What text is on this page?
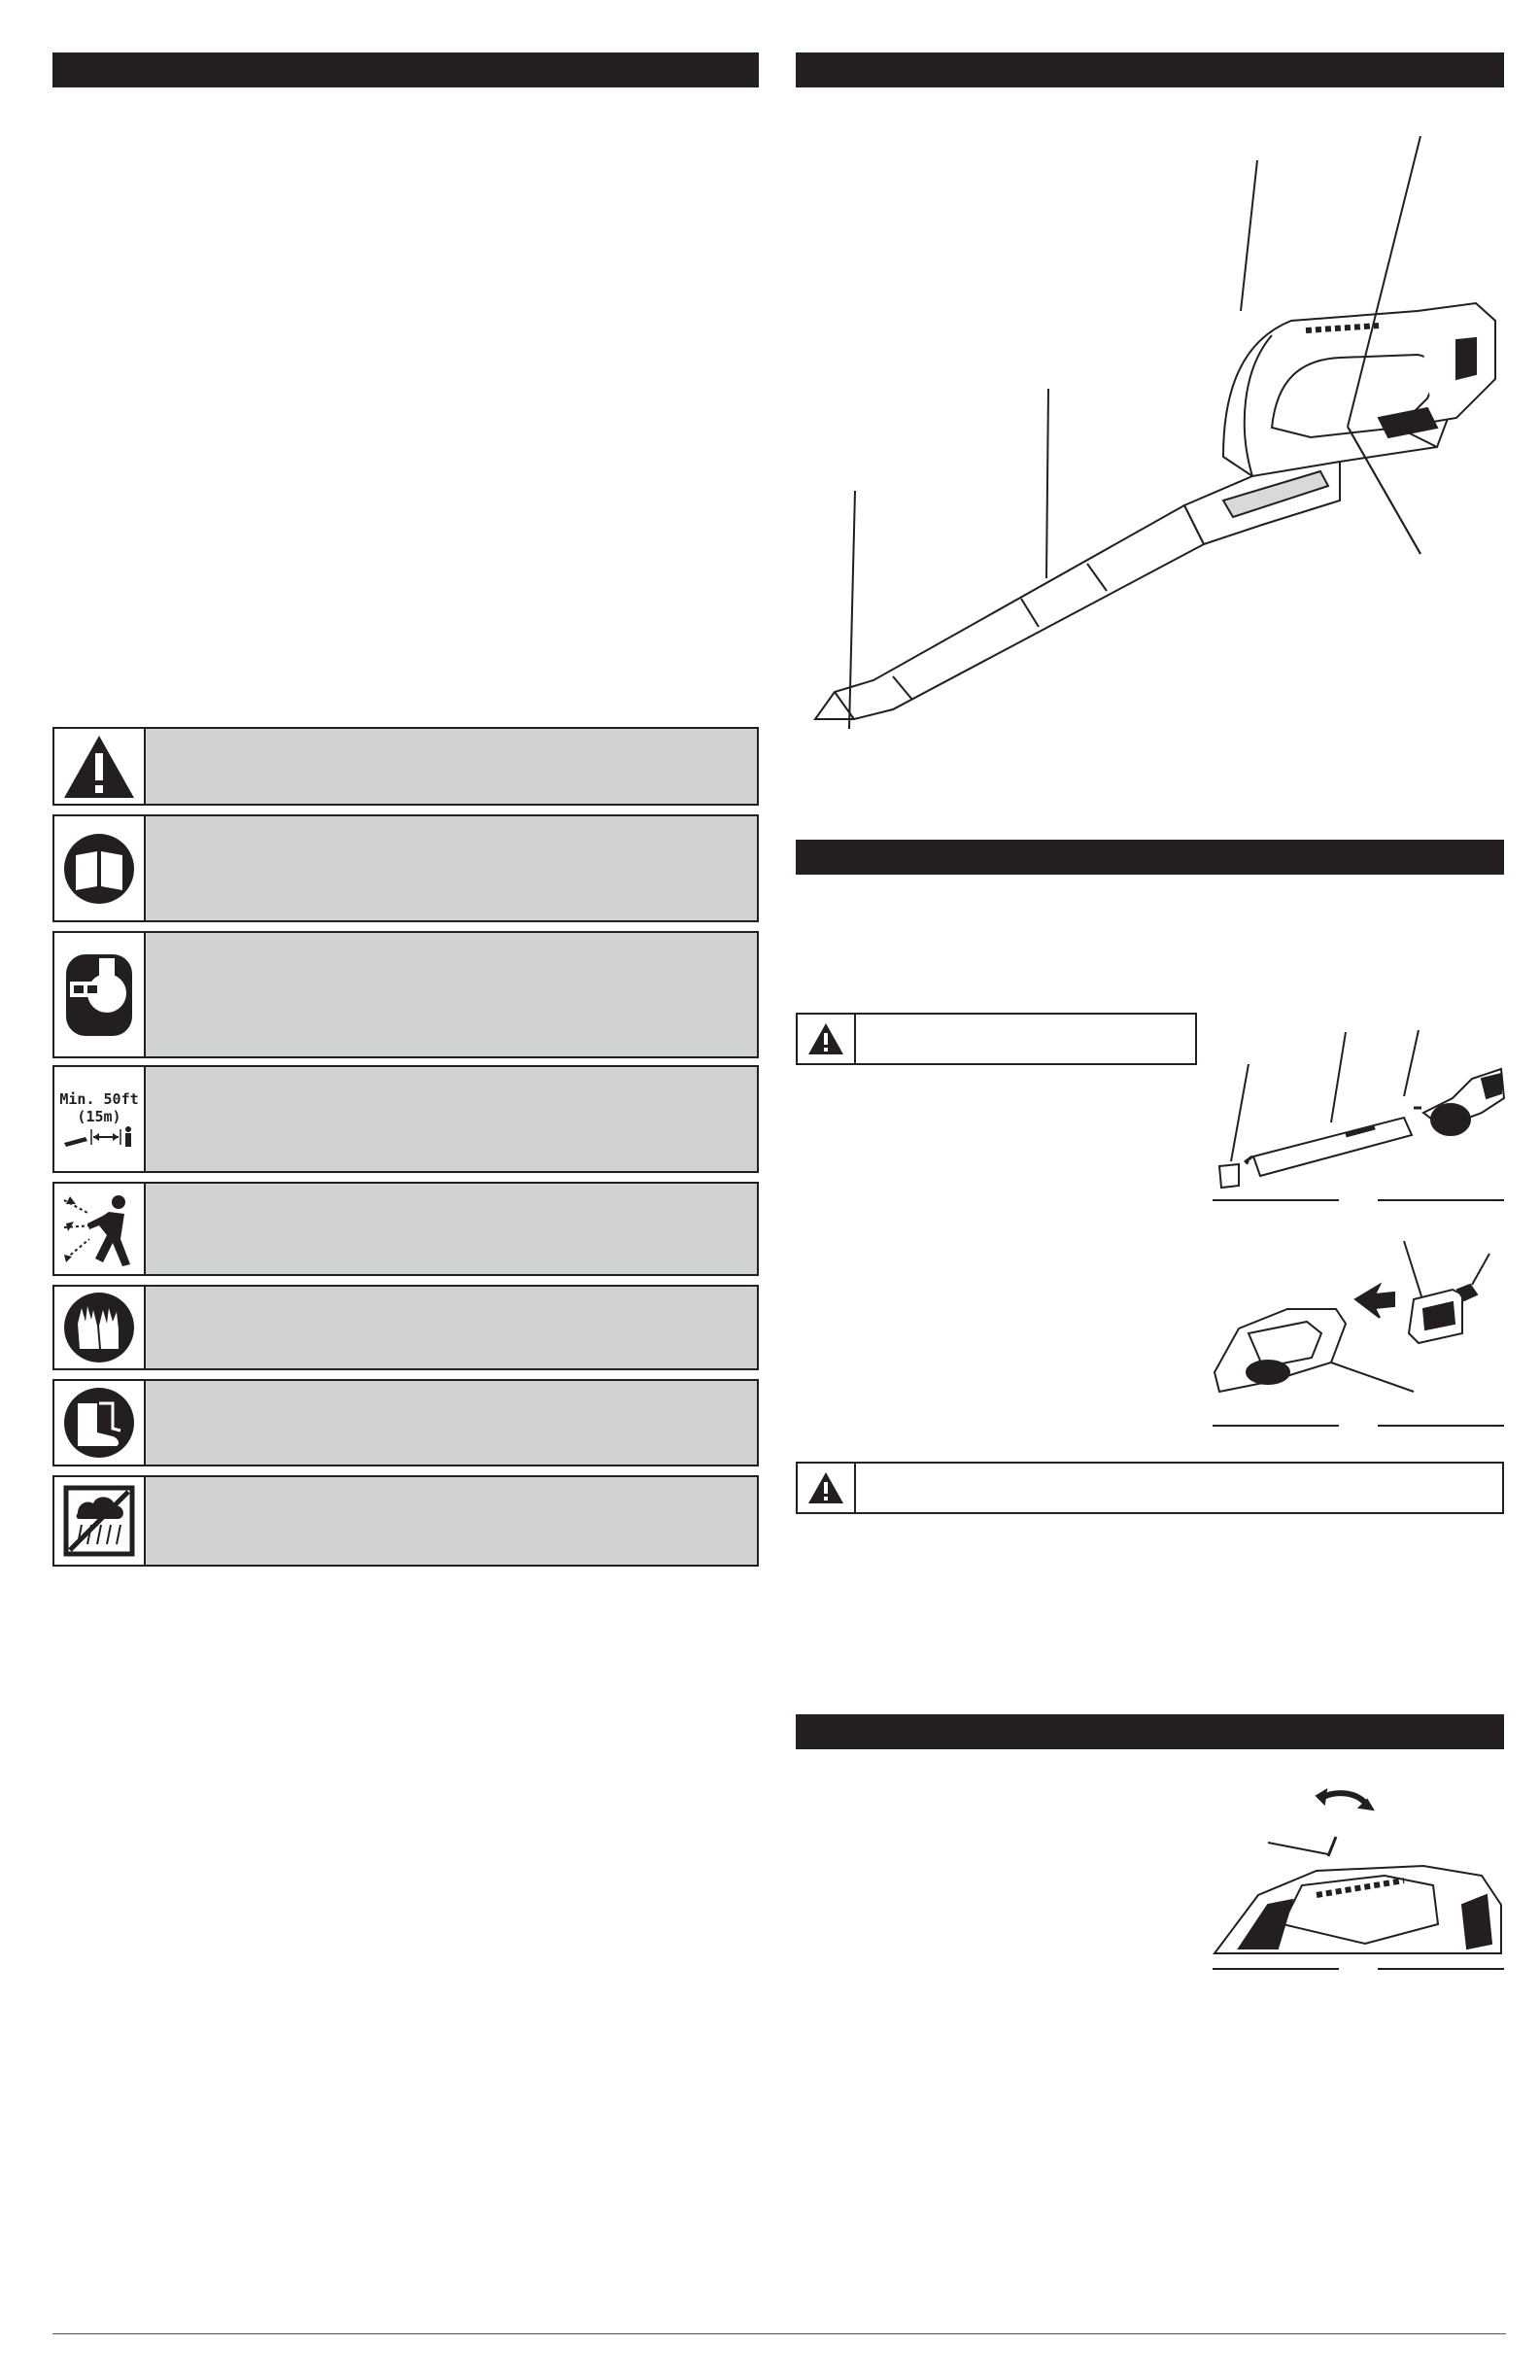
Min. 50ft
(15m)
